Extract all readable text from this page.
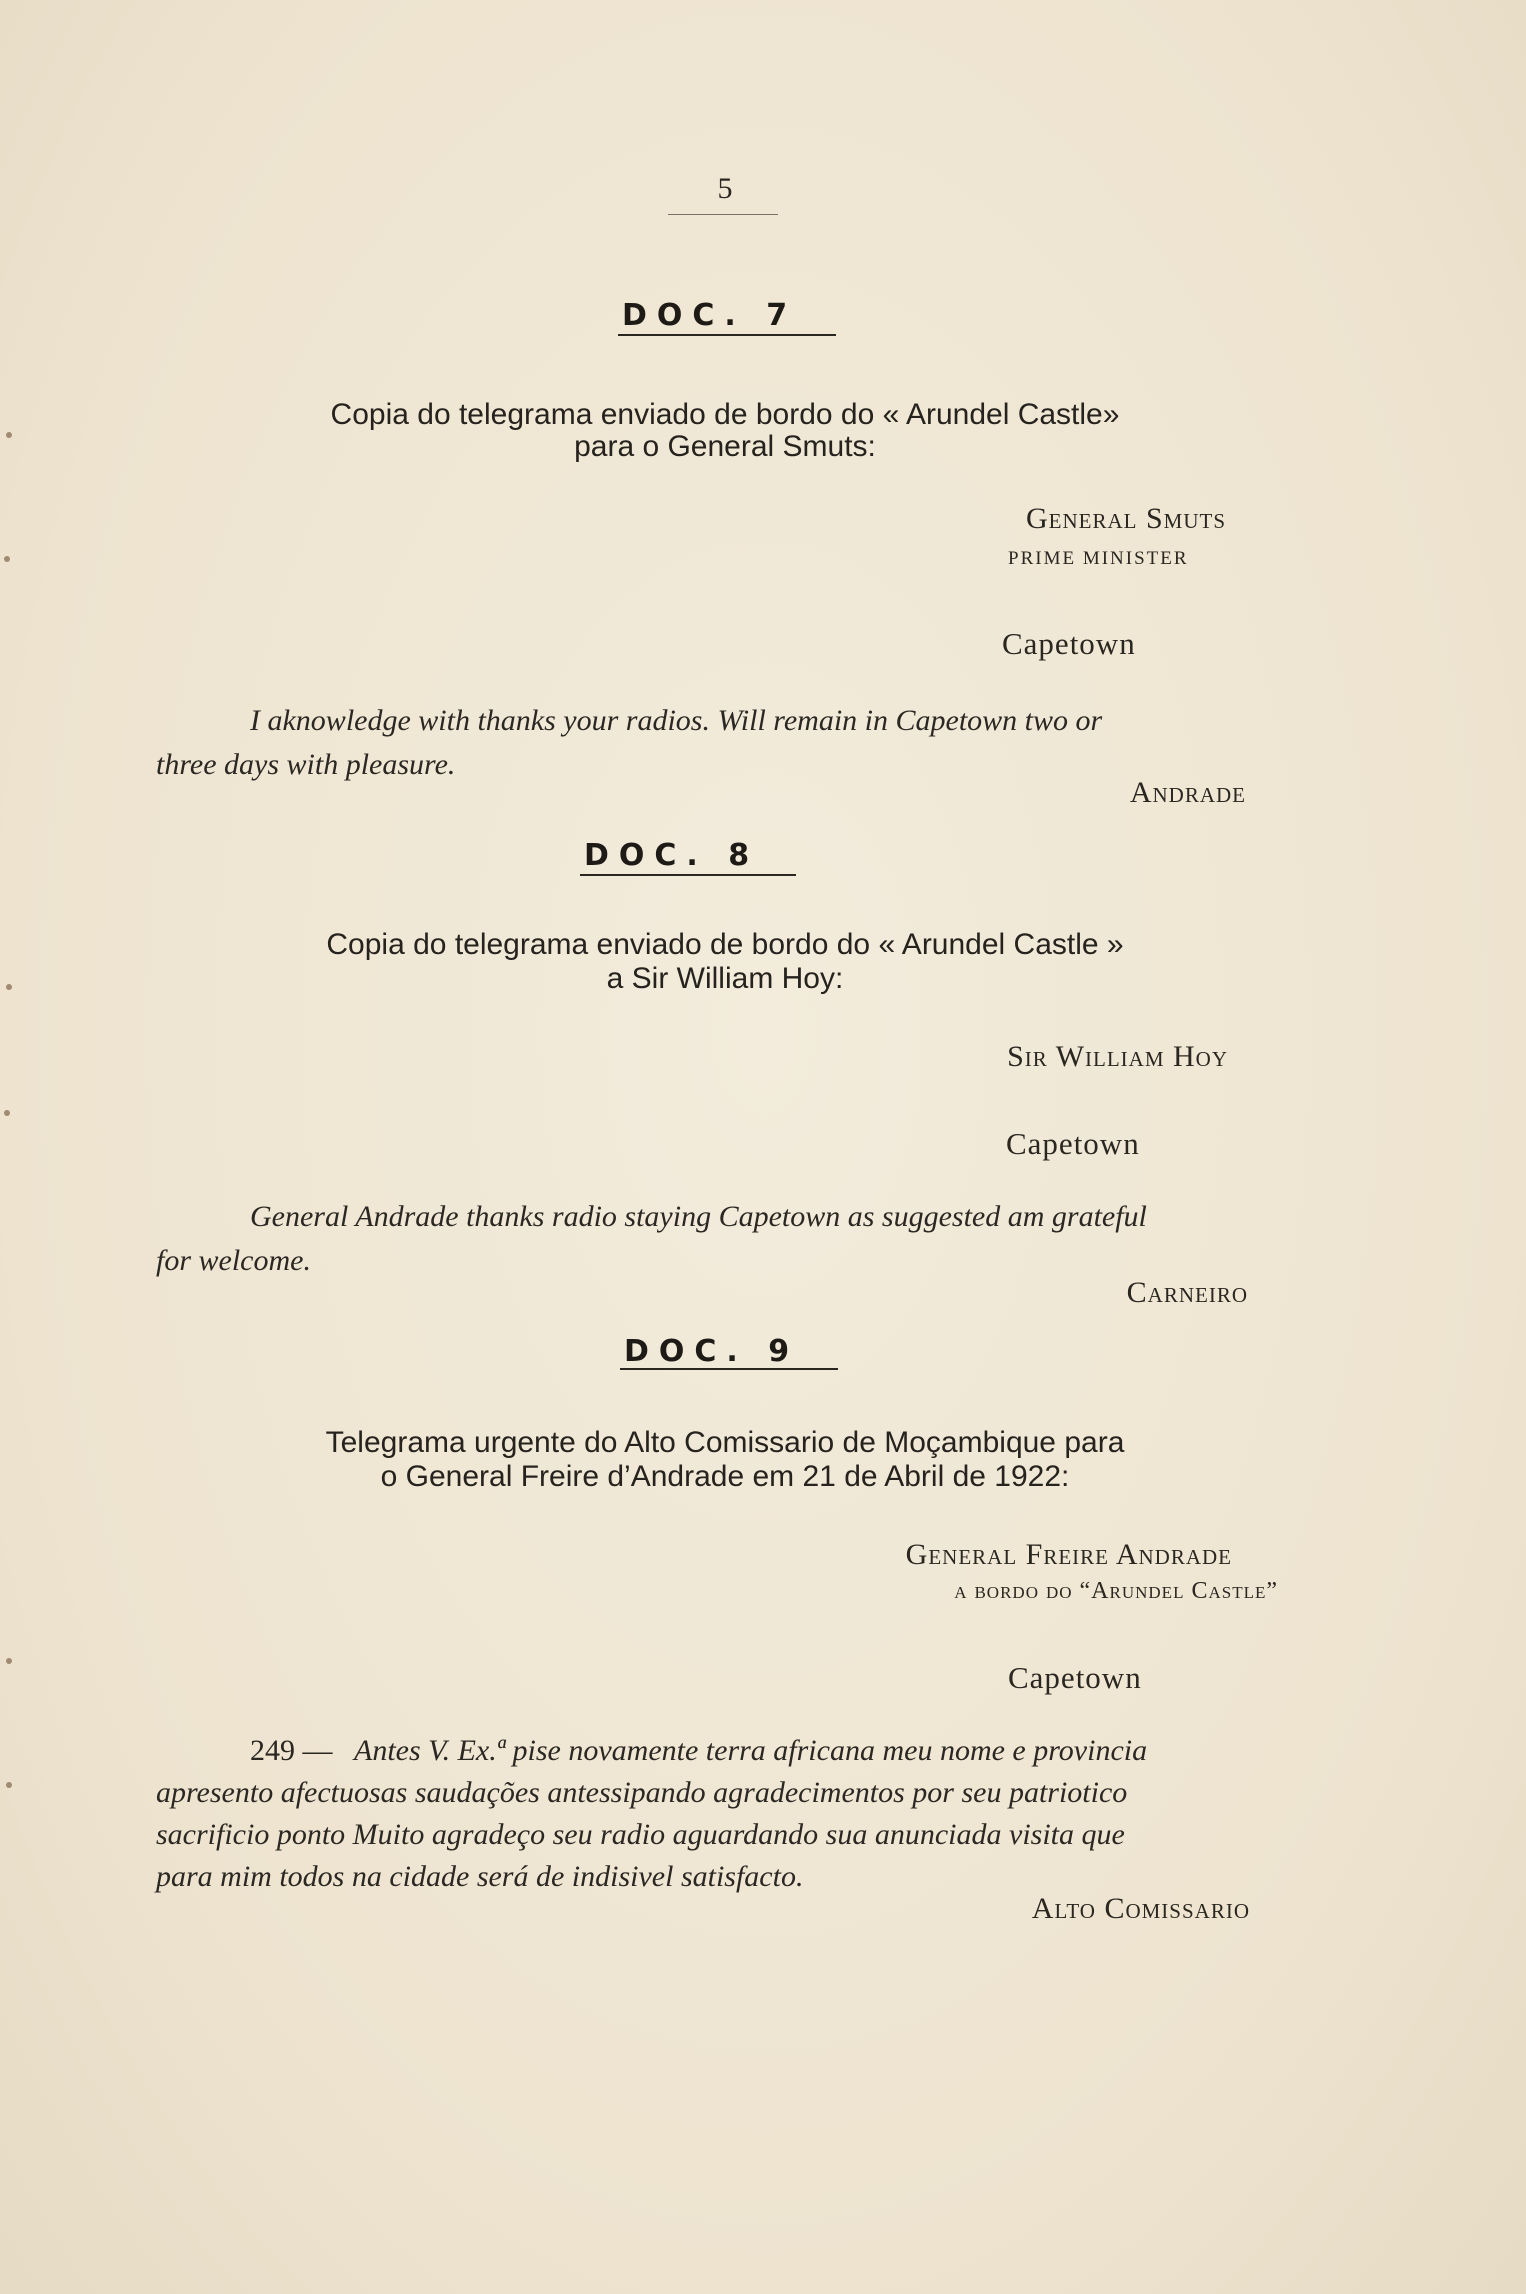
5
DOC. 7
Copia do telegrama enviado de bordo do « Arundel Castle»
para o General Smuts:
General Smuts
PRIME MINISTER
Capetown
I aknowledge with thanks your radios. Will remain in Capetown two or
three days with pleasure.
Andrade
DOC. 8
Copia do telegrama enviado de bordo do « Arundel Castle »
a Sir William Hoy:
Sir William Hoy
Capetown
General Andrade thanks radio staying Capetown as suggested am grateful
for welcome.
Carneiro
DOC. 9
Telegrama urgente do Alto Comissario de Moçambique para
o General Freire d’Andrade em 21 de Abril de 1922:
General Freire Andrade
a bordo do “Arundel Castle”
Capetown
249 — Antes V. Ex.ª pise novamente terra africana meu nome e provincia
apresento afectuosas saudações antessipando agradecimentos por seu patriotico
sacrificio ponto Muito agradeço seu radio aguardando sua anunciada visita que
para mim todos na cidade será de indisivel satisfacto.
Alto Comissario
